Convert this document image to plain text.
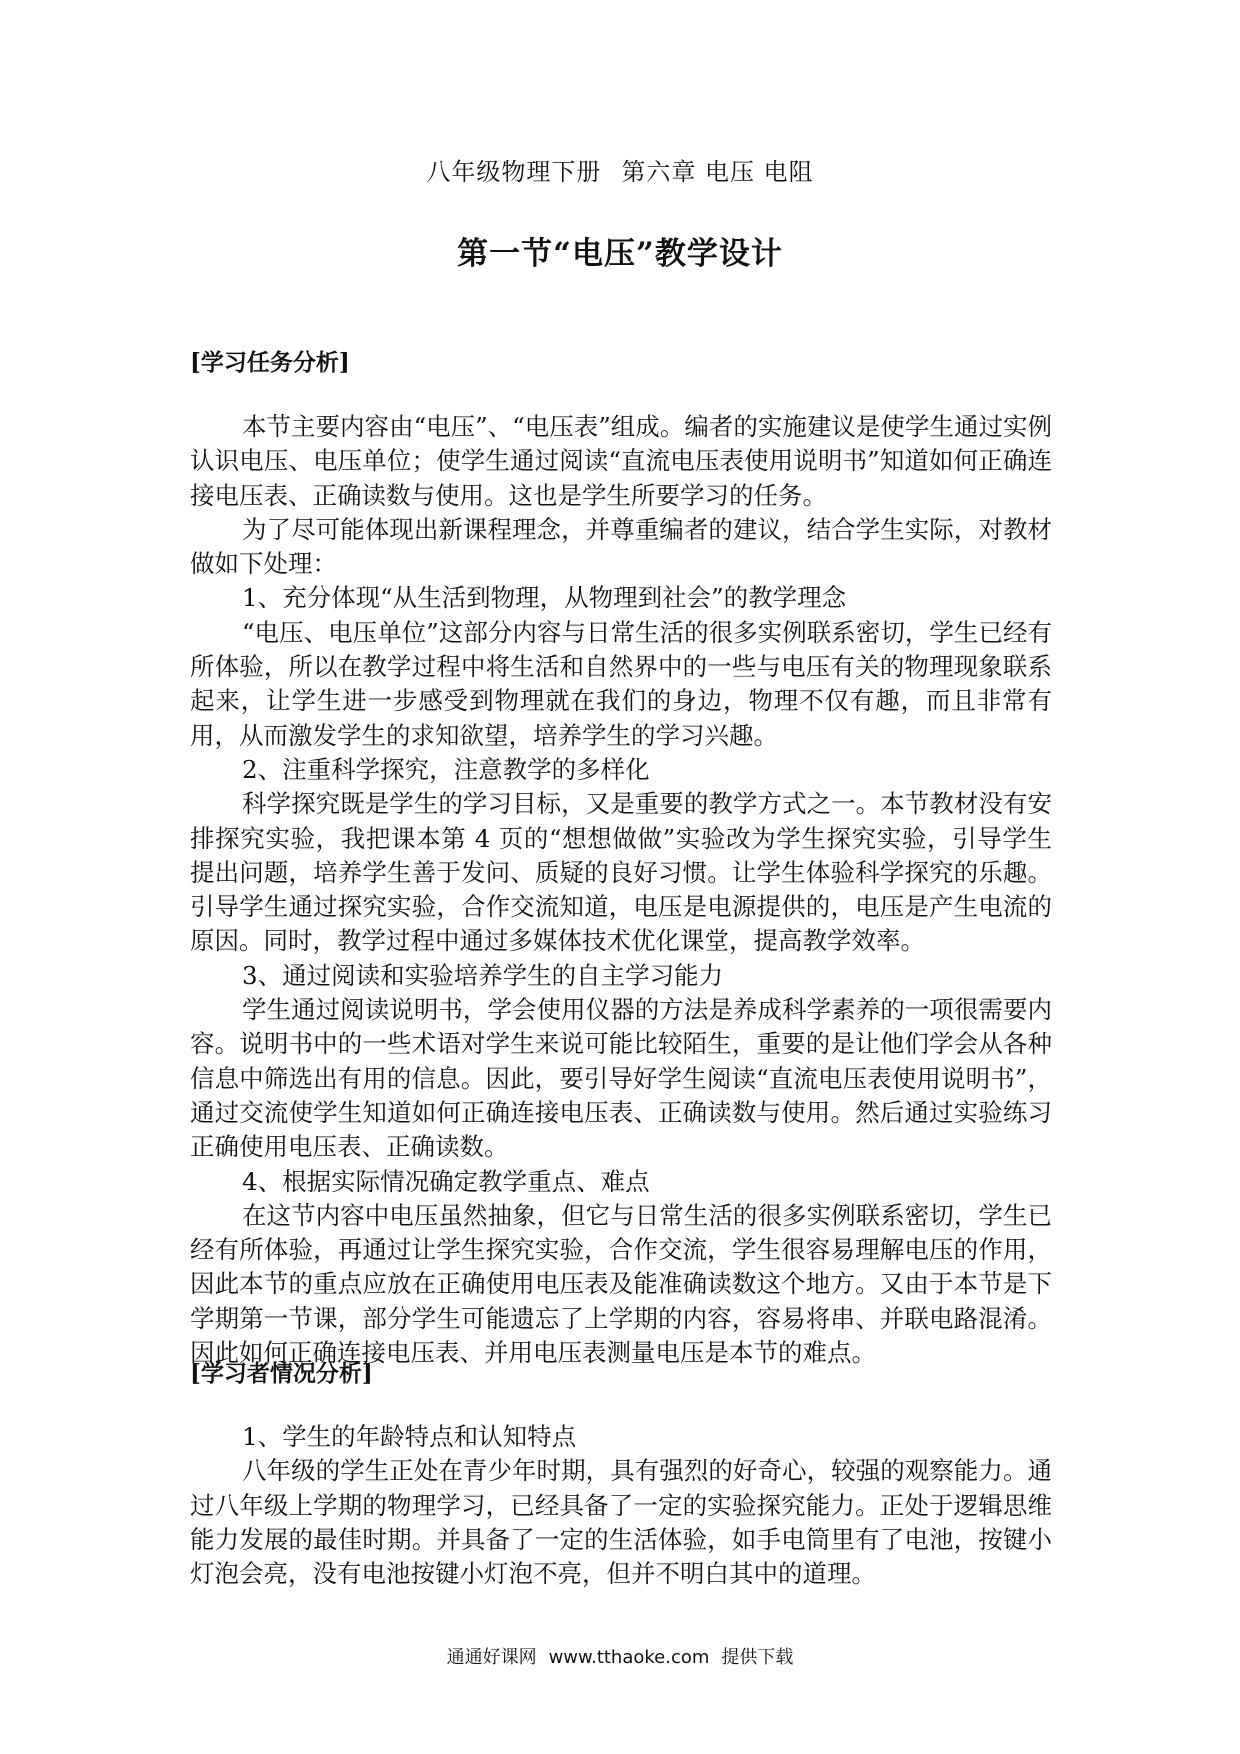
八年级物理下册 第六章 电压 电阻
第一节“电压”教学设计
[学习任务分析]

本节主要内容由“电压”、“电压表”组成。编者的实施建议是使学生通过实例认识电压、电压单位；使学生通过阅读“直流电压表使用说明书”知道如何正确连接电压表、正确读数与使用。这也是学生所要学习的任务。

为了尽可能体现出新课程理念，并尊重编者的建议，结合学生实际，对教材做如下处理：

1、充分体现“从生活到物理，从物理到社会”的教学理念

“电压、电压单位”这部分内容与日常生活的很多实例联系密切，学生已经有所体验，所以在教学过程中将生活和自然界中的一些与电压有关的物理现象联系起来，让学生进一步感受到物理就在我们的身边，物理不仅有趣，而且非常有用，从而激发学生的求知欲望，培养学生的学习兴趣。

2、注重科学探究，注意教学的多样化

科学探究既是学生的学习目标，又是重要的教学方式之一。本节教材没有安排探究实验，我把课本第 4 页的“想想做做”实验改为学生探究实验，引导学生提出问题，培养学生善于发问、质疑的良好习惯。让学生体验科学探究的乐趣。引导学生通过探究实验，合作交流知道，电压是电源提供的，电压是产生电流的原因。同时，教学过程中通过多媒体技术优化课堂，提高教学效率。

3、通过阅读和实验培养学生的自主学习能力

学生通过阅读说明书，学会使用仪器的方法是养成科学素养的一项很需要内容。说明书中的一些术语对学生来说可能比较陌生，重要的是让他们学会从各种信息中筛选出有用的信息。因此，要引导好学生阅读“直流电压表使用说明书”，通过交流使学生知道如何正确连接电压表、正确读数与使用。然后通过实验练习正确使用电压表、正确读数。

4、根据实际情况确定教学重点、难点

在这节内容中电压虽然抽象，但它与日常生活的很多实例联系密切，学生已经有所体验，再通过让学生探究实验，合作交流，学生很容易理解电压的作用，因此本节的重点应放在正确使用电压表及能准确读数这个地方。又由于本节是下学期第一节课，部分学生可能遗忘了上学期的内容，容易将串、并联电路混淆。因此如何正确连接电压表、并用电压表测量电压是本节的难点。

[学习者情况分析]

1、学生的年龄特点和认知特点

八年级的学生正处在青少年时期，具有强烈的好奇心，较强的观察能力。通过八年级上学期的物理学习，已经具备了一定的实验探究能力。正处于逻辑思维能力发展的最佳时期。并具备了一定的生活体验，如手电筒里有了电池，按键小灯泡会亮，没有电池按键小灯泡不亮，但并不明白其中的道理。

通通好课网 www.tthaoke.com 提供下载
